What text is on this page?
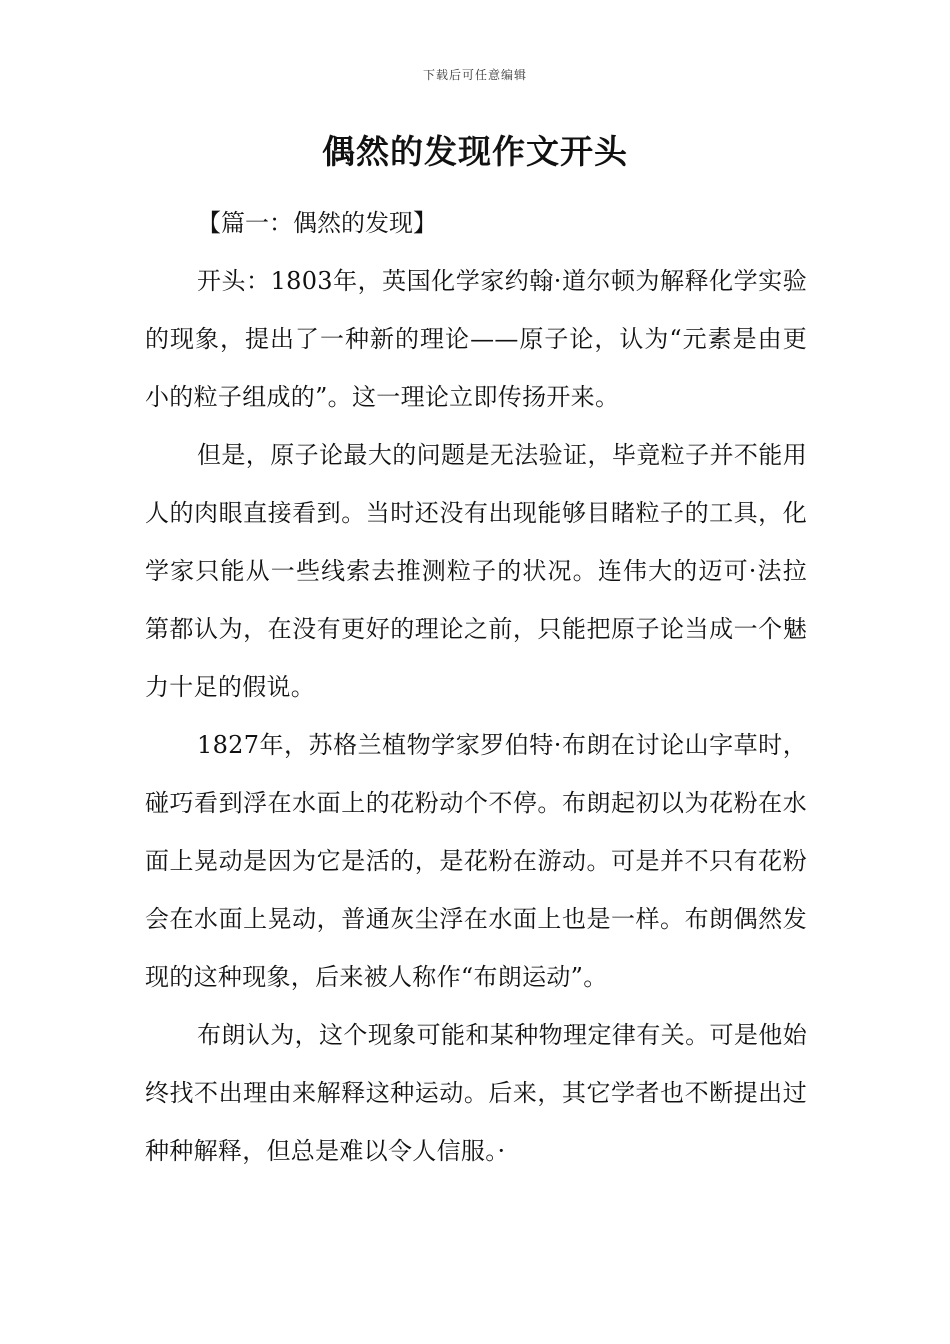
下载后可任意编辑
偶然的发现作文开头
【篇一：偶然的发现】

开头：1803年，英国化学家约翰·道尔顿为解释化学实验的现象，提出了一种新的理论——原子论，认为“元素是由更小的粒子组成的”。这一理论立即传扬开来。

但是，原子论最大的问题是无法验证，毕竟粒子并不能用人的肉眼直接看到。当时还没有出现能够目睹粒子的工具，化学家只能从一些线索去推测粒子的状况。连伟大的迈可·法拉第都认为，在没有更好的理论之前，只能把原子论当成一个魅力十足的假说。

1827年，苏格兰植物学家罗伯特·布朗在讨论山字草时，碰巧看到浮在水面上的花粉动个不停。布朗起初以为花粉在水面上晃动是因为它是活的，是花粉在游动。可是并不只有花粉会在水面上晃动，普通灰尘浮在水面上也是一样。布朗偶然发现的这种现象，后来被人称作“布朗运动”。

布朗认为，这个现象可能和某种物理定律有关。可是他始终找不出理由来解释这种运动。后来，其它学者也不断提出过种种解释，但总是难以令人信服。·
